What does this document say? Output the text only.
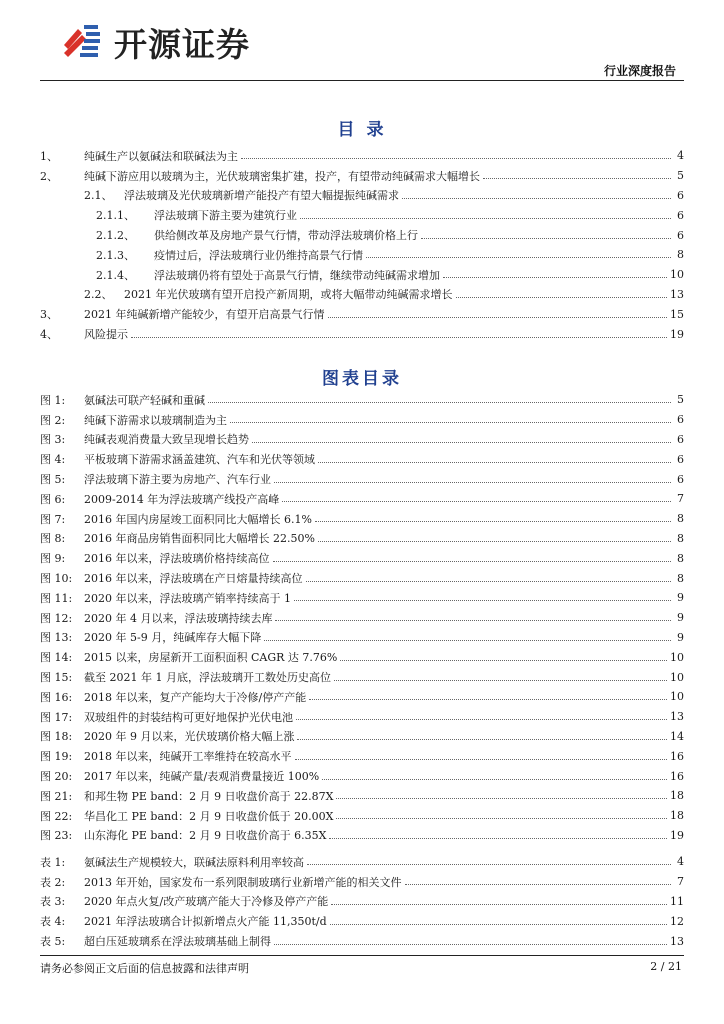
开源证券
行业深度报告
目 录
1、	纯碱生产以氨碱法和联碱法为主	4
2、	纯碱下游应用以玻璃为主，光伏玻璃密集扩建，投产，有望带动纯碱需求大幅增长	5
2.1、	浮法玻璃及光伏玻璃新增产能投产有望大幅提振纯碱需求	6
2.1.1、	浮法玻璃下游主要为建筑行业	6
2.1.2、	供给侧改革及房地产景气行情，带动浮法玻璃价格上行	6
2.1.3、	疫情过后，浮法玻璃行业仍维持高景气行情	8
2.1.4、	浮法玻璃仍将有望处于高景气行情，继续带动纯碱需求增加	10
2.2、	2021 年光伏玻璃有望开启投产新周期，或将大幅带动纯碱需求增长	13
3、	2021 年纯碱新增产能较少，有望开启高景气行情	15
4、	风险提示	19
图表目录
图 1:	氨碱法可联产轻碱和重碱	5
图 2:	纯碱下游需求以玻璃制造为主	6
图 3:	纯碱表观消费量大致呈现增长趋势	6
图 4:	平板玻璃下游需求涵盖建筑、汽车和光伏等领域	6
图 5:	浮法玻璃下游主要为房地产、汽车行业	6
图 6:	2009-2014 年为浮法玻璃产线投产高峰	7
图 7:	2016 年国内房屋竣工面积同比大幅增长 6.1%	8
图 8:	2016 年商品房销售面积同比大幅增长 22.50%	8
图 9:	2016 年以来，浮法玻璃价格持续高位	8
图 10:	2016 年以来，浮法玻璃在产日熔量持续高位	8
图 11:	2020 年以来，浮法玻璃产销率持续高于 1	9
图 12:	2020 年 4 月以来，浮法玻璃持续去库	9
图 13:	2020 年 5-9 月，纯碱库存大幅下降	9
图 14:	2015 以来，房屋新开工面积面积 CAGR 达 7.76%	10
图 15:	截至 2021 年 1 月底，浮法玻璃开工数处历史高位	10
图 16:	2018 年以来，复产产能均大于冷修/停产产能	10
图 17:	双玻组件的封装结构可更好地保护光伏电池	13
图 18:	2020 年 9 月以来，光伏玻璃价格大幅上涨	14
图 19:	2018 年以来，纯碱开工率维持在较高水平	16
图 20:	2017 年以来，纯碱产量/表观消费量接近 100%	16
图 21:	和邦生物 PE band：2 月 9 日收盘价高于 22.87X	18
图 22:	华昌化工 PE band：2 月 9 日收盘价低于 20.00X	18
图 23:	山东海化 PE band：2 月 9 日收盘价高于 6.35X	19
表 1:	氨碱法生产规模较大，联碱法原料利用率较高	4
表 2:	2013 年开始，国家发布一系列限制玻璃行业新增产能的相关文件	7
表 3:	2020 年点火复/改产玻璃产能大于冷修及停产产能	11
表 4:	2021 年浮法玻璃合计拟新增点火产能 11,350t/d	12
表 5:	超白压延玻璃系在浮法玻璃基础上制得	13
请务必参阅正文后面的信息披露和法律声明	2 / 21
